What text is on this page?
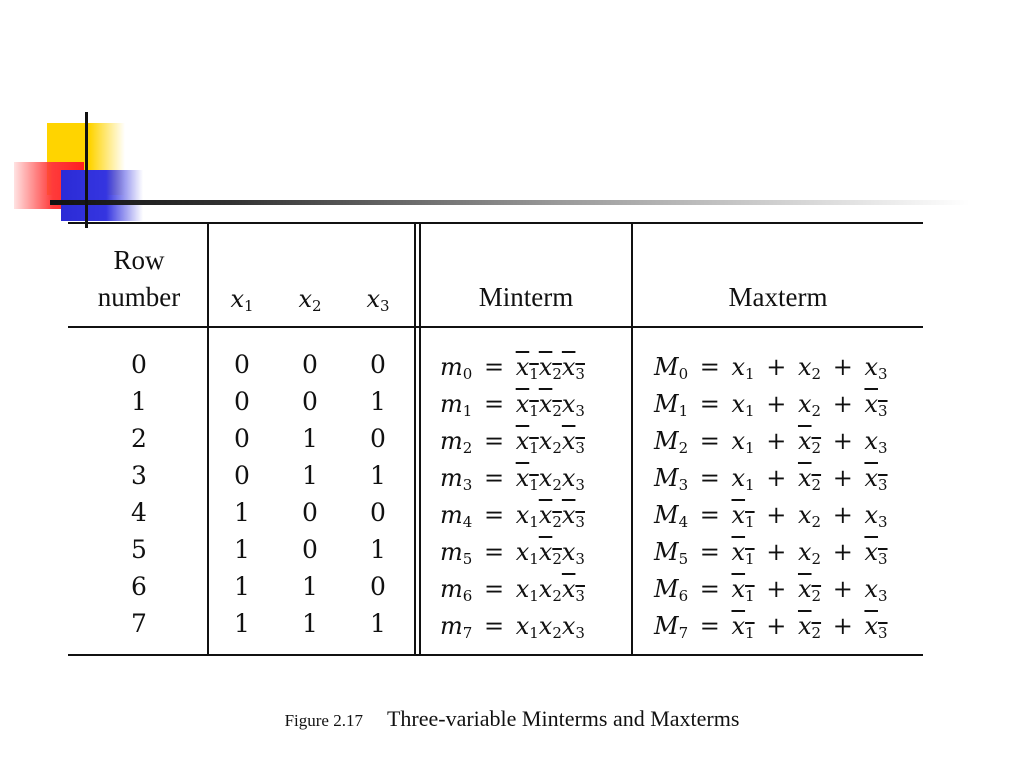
Row
number	$x_1$	$x_2$	$x_3$	Minterm	Maxterm
0	0	0	0	$m_0 = x_1x_2x_3$	$M_0 = x_1 + x_2 + x_3$
1	0	0	1	$m_1 = x_1x_2x_3$	$M_1 = x_1 + x_2 + x_3$
2	0	1	0	$m_2 = x_1x_2x_3$	$M_2 = x_1 + x_2 + x_3$
3	0	1	1	$m_3 = x_1x_2x_3$	$M_3 = x_1 + x_2 + x_3$
4	1	0	0	$m_4 = x_1x_2x_3$	$M_4 = x_1 + x_2 + x_3$
5	1	0	1	$m_5 = x_1x_2x_3$	$M_5 = x_1 + x_2 + x_3$
6	1	1	0	$m_6 = x_1x_2x_3$	$M_6 = x_1 + x_2 + x_3$
7	1	1	1	$m_7 = x_1x_2x_3$	$M_7 = x_1 + x_2 + x_3$
Figure 2.17 Three-variable Minterms and Maxterms
